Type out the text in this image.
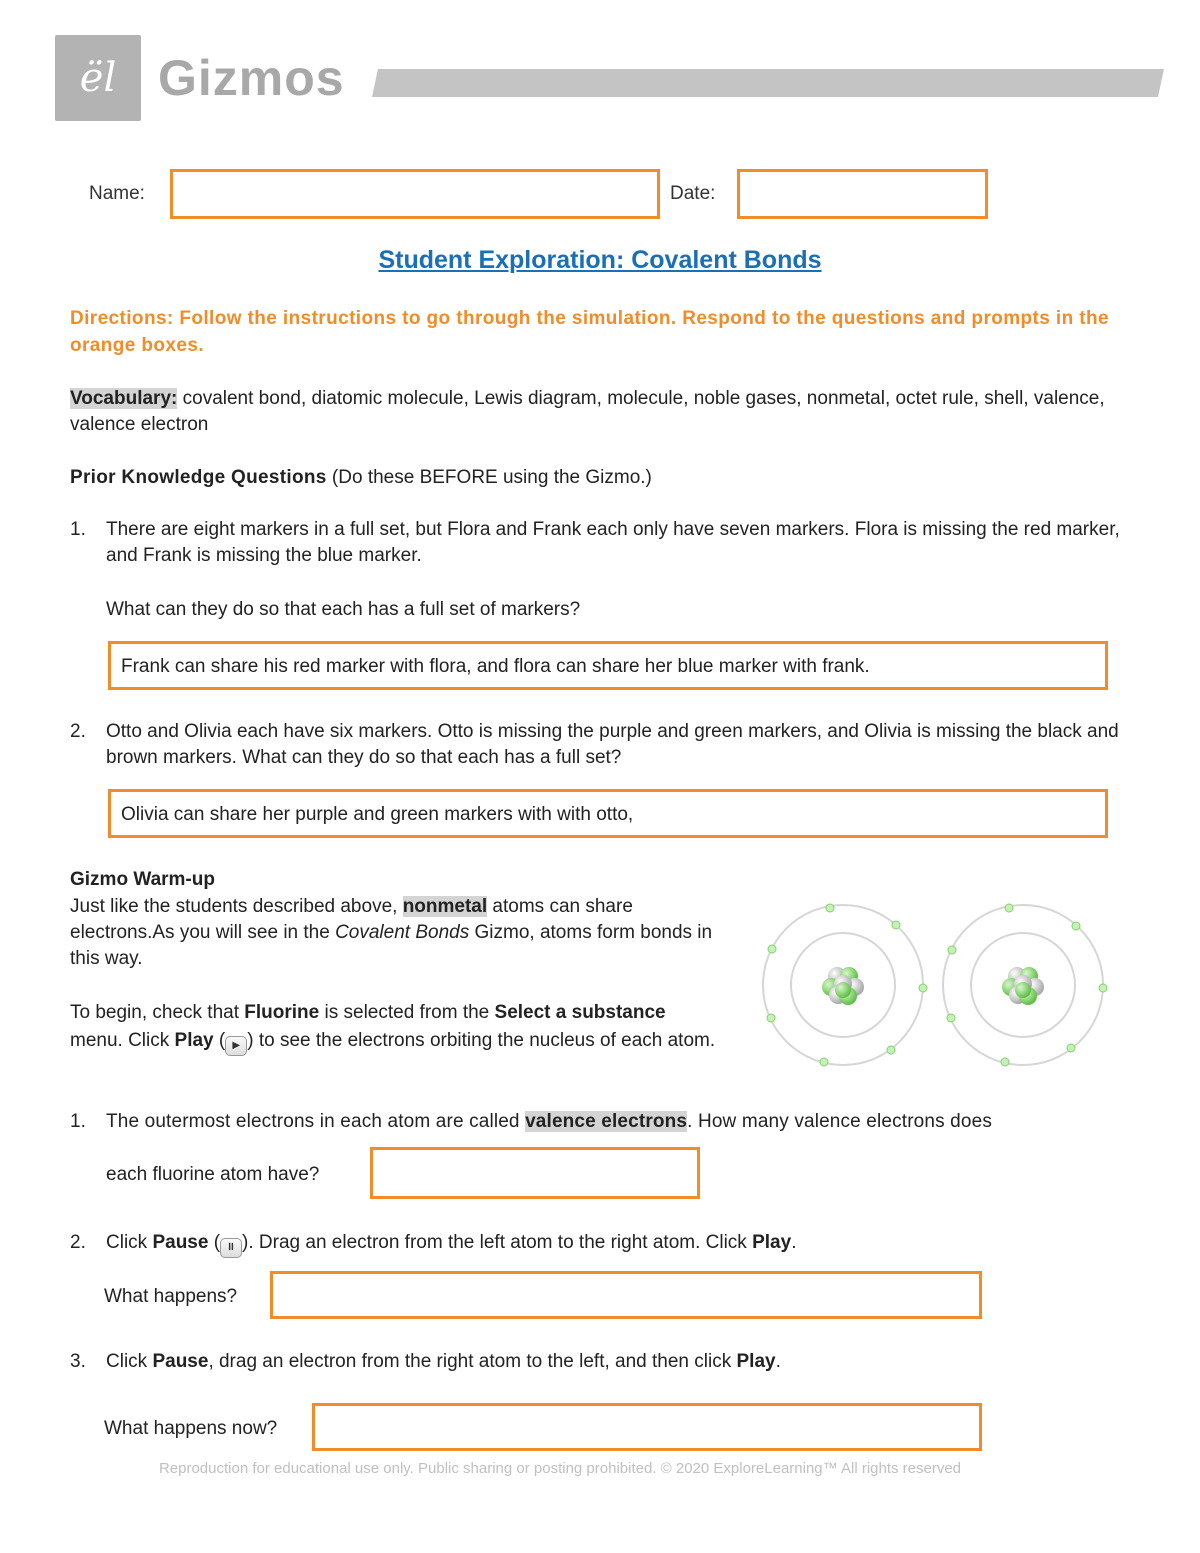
ël Gizmos
Name:	Date:
Student Exploration: Covalent Bonds
Directions: Follow the instructions to go through the simulation. Respond to the questions and prompts in the orange boxes.
Vocabulary: covalent bond, diatomic molecule, Lewis diagram, molecule, noble gases, nonmetal, octet rule, shell, valence, valence electron
Prior Knowledge Questions (Do these BEFORE using the Gizmo.)
1.	There are eight markers in a full set, but Flora and Frank each only have seven markers. Flora is missing the red marker, and Frank is missing the blue marker.
What can they do so that each has a full set of markers?
Frank can share his red marker with flora, and flora can share her blue marker with frank.
2.	Otto and Olivia each have six markers. Otto is missing the purple and green markers, and Olivia is missing the black and brown markers. What can they do so that each has a full set?
Olivia can share her purple and green markers with with otto,
Gizmo Warm-up
Just like the students described above, nonmetal atoms can share electrons.As you will see in the Covalent Bonds Gizmo, atoms form bonds in this way.
To begin, check that Fluorine is selected from the Select a substance menu. Click Play ( ▶ ) to see the electrons orbiting the nucleus of each atom.
1.	The outermost electrons in each atom are called valence electrons. How many valence electrons does
each fluorine atom have?
2.	Click Pause ( II ). Drag an electron from the left atom to the right atom. Click Play.
What happens?
3.	Click Pause, drag an electron from the right atom to the left, and then click Play.
What happens now?
Reproduction for educational use only. Public sharing or posting prohibited. © 2020 ExploreLearning™ All rights reserved
